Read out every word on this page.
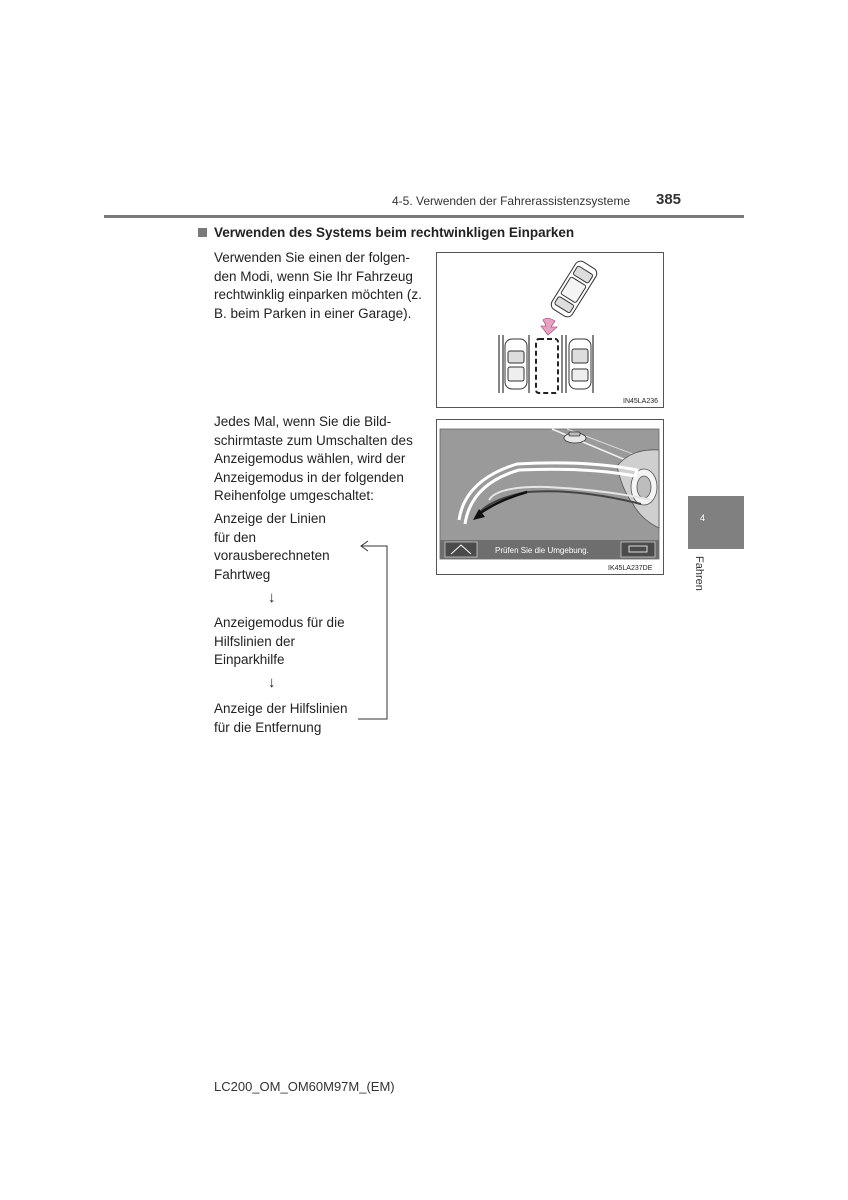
4-5. Verwenden der Fahrerassistenzsysteme 385
Verwenden des Systems beim rechtwinkligen Einparken
Verwenden Sie einen der folgen-
den Modi, wenn Sie Ihr Fahrzeug
rechtwinklig einparken möchten (z.
B. beim Parken in einer Garage).
IN45LA236
Jedes Mal, wenn Sie die Bild-
schirmtaste zum Umschalten des
Anzeigemodus wählen, wird der
Anzeigemodus in der folgenden
Reihenfolge umgeschaltet:
Prüfen Sie die Umgebung.
IK45LA237DE
Anzeige der Linien
für den
vorausberechneten
Fahrtweg
↓
Anzeigemodus für die
Hilfslinien der
Einparkhilfe
↓
Anzeige der Hilfslinien
für die Entfernung
4
Fahren
LC200_OM_OM60M97M_(EM)
